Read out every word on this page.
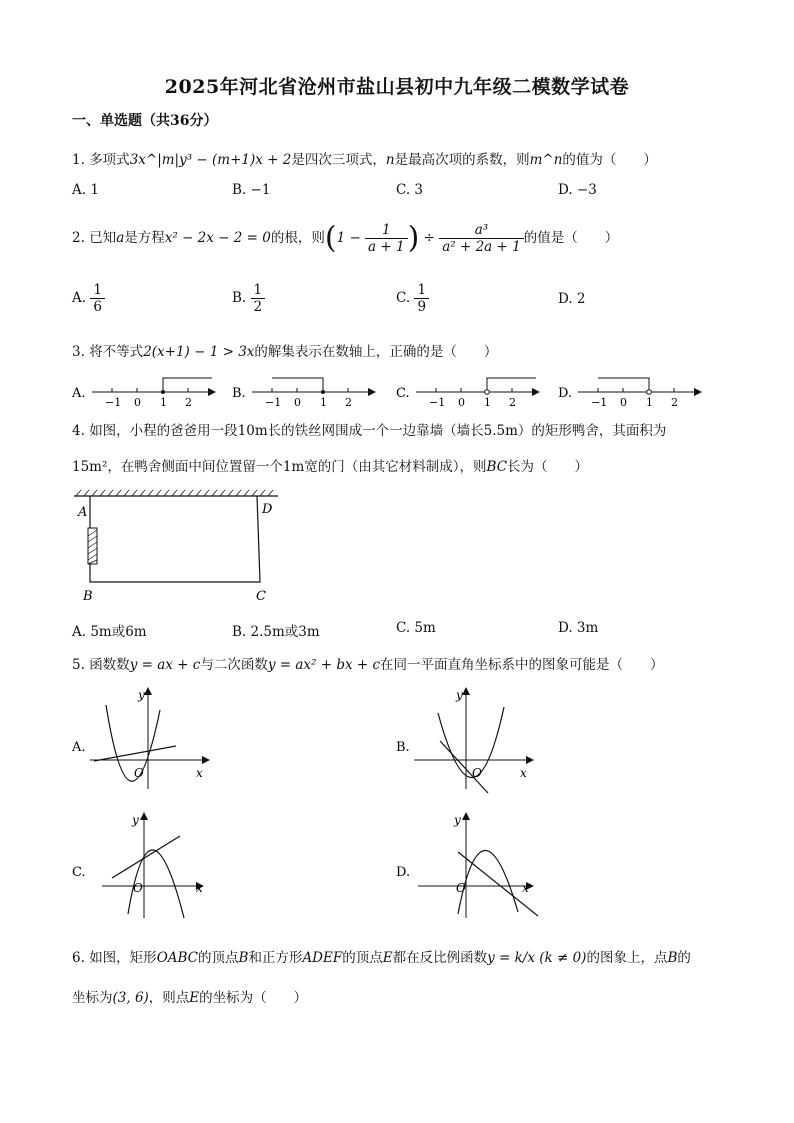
2025年河北省沧州市盐山县初中九年级二模数学试卷
一、单选题（共36分）
1. 多项式3x^|m|y³ − (m+1)x + 2是四次三项式，n是最高次项的系数，则m^n的值为（　　）
A. 1	B. −1	C. 3	D. −3
2. 已知a是方程x² − 2x − 2 = 0的根，则($1 - \frac{1}{a + 1}$ ) ÷ $\frac{\text{a³}}{\text{a² + 2a + 1}}$ 的值是（　　）
A. $\frac{1}{6}$	B. $\frac{1}{2}$	C. $\frac{1}{9}$	D. 2
3. 将不等式2(x+1) − 1 > 3x的解集表示在数轴上，正确的是（　　）
A.
−1 0 1 2
B.
−1 0 1 2
C.
−1 0 1 2
D.
−1 0 1 2
4. 如图，小程的爸爸用一段10m长的铁丝网围成一个一边靠墙（墙长5.5m）的矩形鸭舍，其面积为
15m²，在鸭舍侧面中间位置留一个1m宽的门（由其它材料制成），则BC长为（　　）
A	D
B	C
A. 5m或6m	B. 2.5m或3m	C. 5m	D. 3m
5. 函数数y = ax + c与二次函数y = ax² + bx + c在同一平面直角坐标系中的图象可能是（　　）
A.
y
x
O
B.
y
x
O
C.
y
x
O
D.
y
x
O
6. 如图，矩形OABC的顶点B和正方形ADEF的顶点E都在反比例函数y = k/x (k ≠ 0)的图象上，点B的
坐标为(3, 6)，则点E的坐标为（　　）
